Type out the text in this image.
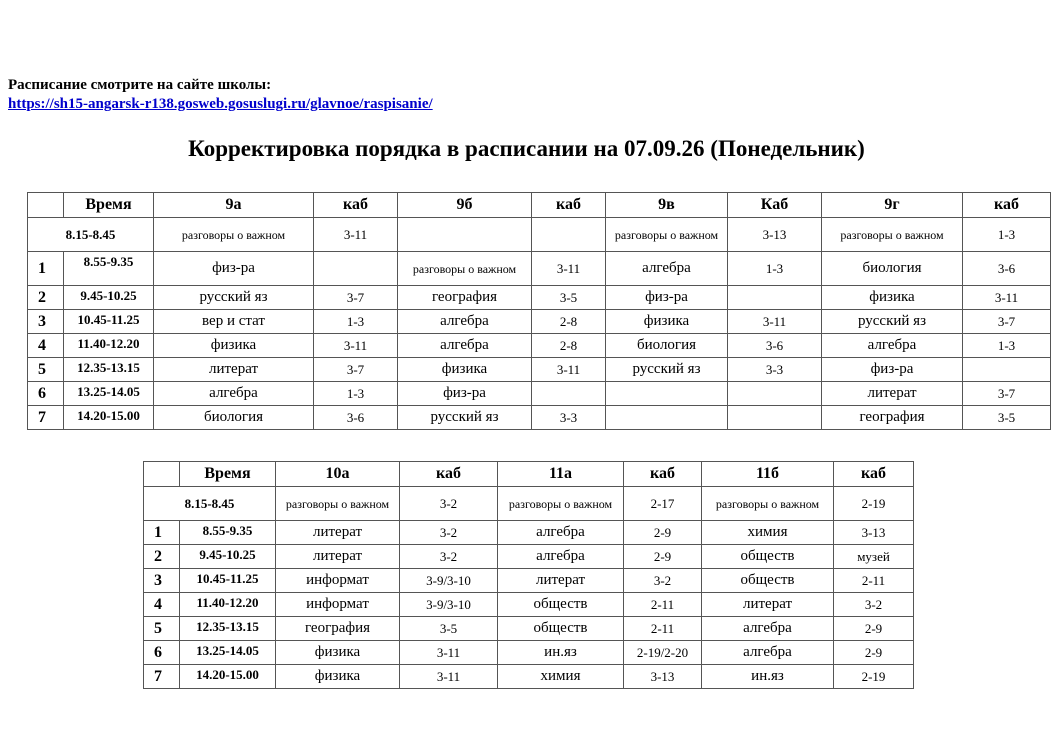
Расписание смотрите на сайте школы:
https://sh15-angarsk-r138.gosweb.gosuslugi.ru/glavnoe/raspisanie/
Корректировка порядка в расписании на 07.09.26 (Понедельник)
	Время	9а	каб	9б	каб	9в	Каб	9г	каб
8.15-8.45		разговоры о важном	3-11			разговоры о важном	3-13	разговоры о важном	1-3
1	8.55-9.35	физ-ра		разговоры о важном	3-11	алгебра	1-3	биология	3-6
2	9.45-10.25	русский яз	3-7	география	3-5	физ-ра		физика	3-11
3	10.45-11.25	вер и стат	1-3	алгебра	2-8	физика	3-11	русский яз	3-7
4	11.40-12.20	физика	3-11	алгебра	2-8	биология	3-6	алгебра	1-3
5	12.35-13.15	литерат	3-7	физика	3-11	русский яз	3-3	физ-ра	
6	13.25-14.05	алгебра	1-3	физ-ра				литерат	3-7
7	14.20-15.00	биология	3-6	русский яз	3-3			география	3-5
	Время	10а	каб	11а	каб	11б	каб
8.15-8.45		разговоры о важном	3-2	разговоры о важном	2-17	разговоры о важном	2-19
1	8.55-9.35	литерат	3-2	алгебра	2-9	химия	3-13
2	9.45-10.25	литерат	3-2	алгебра	2-9	обществ	музей
3	10.45-11.25	информат	3-9/3-10	литерат	3-2	обществ	2-11
4	11.40-12.20	информат	3-9/3-10	обществ	2-11	литерат	3-2
5	12.35-13.15	география	3-5	обществ	2-11	алгебра	2-9
6	13.25-14.05	физика	3-11	ин.яз	2-19/2-20	алгебра	2-9
7	14.20-15.00	физика	3-11	химия	3-13	ин.яз	2-19
